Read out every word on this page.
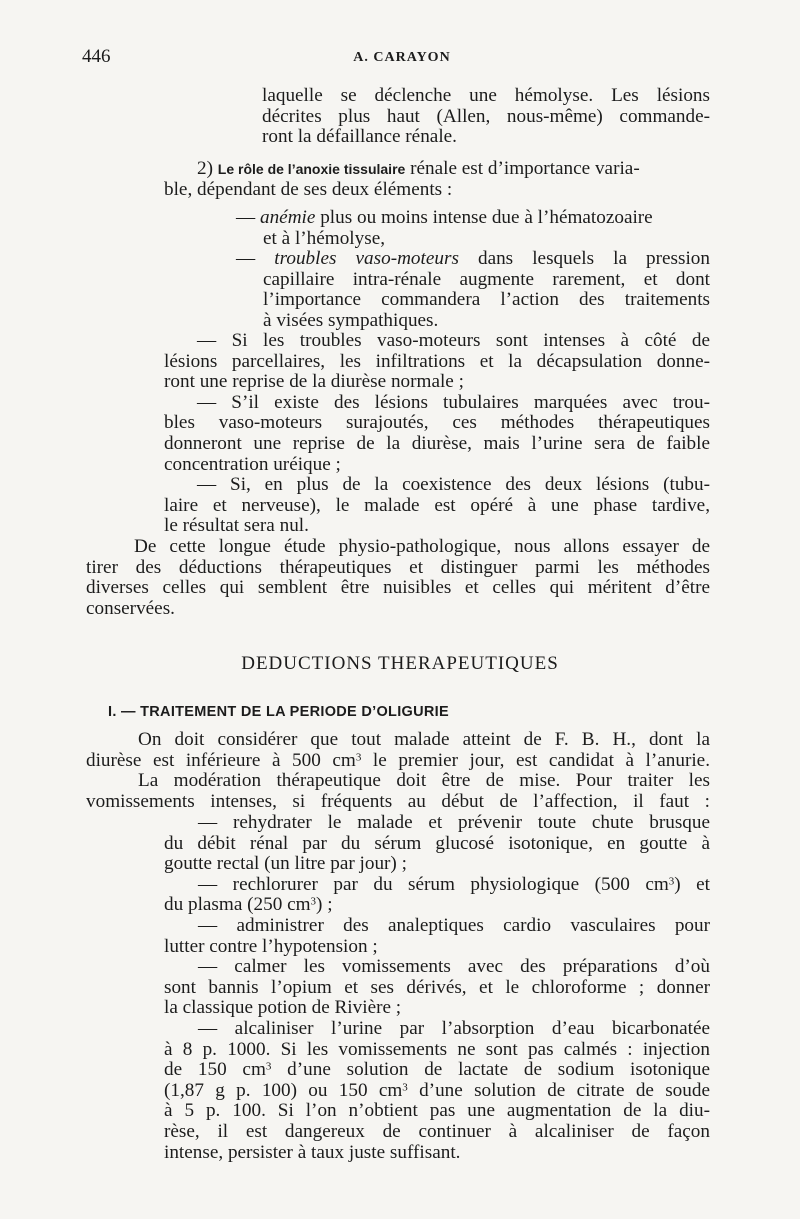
446	A. CARAYON
laquelle se déclenche une hémolyse. Les lésions
décrites plus haut (Allen, nous-même) commande-
ront la défaillance rénale.
2) Le rôle de l’anoxie tissulaire rénale est d’importance varia-
ble, dépendant de ses deux éléments :
— anémie plus ou moins intense due à l’hématozoaire
et à l’hémolyse,
— troubles vaso-moteurs dans lesquels la pression
capillaire intra-rénale augmente rarement, et dont
l’importance commandera l’action des traitements
à visées sympathiques.
— Si les troubles vaso-moteurs sont intenses à côté de
lésions parcellaires, les infiltrations et la décapsulation donne-
ront une reprise de la diurèse normale ;
— S’il existe des lésions tubulaires marquées avec trou-
bles vaso-moteurs surajoutés, ces méthodes thérapeutiques
donneront une reprise de la diurèse, mais l’urine sera de faible
concentration uréique ;
— Si, en plus de la coexistence des deux lésions (tubu-
laire et nerveuse), le malade est opéré à une phase tardive,
le résultat sera nul.
De cette longue étude physio-pathologique, nous allons essayer de
tirer des déductions thérapeutiques et distinguer parmi les méthodes
diverses celles qui semblent être nuisibles et celles qui méritent d’être
conservées.
DEDUCTIONS THERAPEUTIQUES
I. — TRAITEMENT DE LA PERIODE D’OLIGURIE
On doit considérer que tout malade atteint de F. B. H., dont la
diurèse est inférieure à 500 $cm^3$ le premier jour, est candidat à l’anurie.
La modération thérapeutique doit être de mise. Pour traiter les
vomissements intenses, si fréquents au début de l’affection, il faut :
— rehydrater le malade et prévenir toute chute brusque
du débit rénal par du sérum glucosé isotonique, en goutte à
goutte rectal (un litre par jour) ;
— rechlorurer par du sérum physiologique (500 $cm^3$) et
du plasma (250 $cm^3$) ;
— administrer des analeptiques cardio vasculaires pour
lutter contre l’hypotension ;
— calmer les vomissements avec des préparations d’où
sont bannis l’opium et ses dérivés, et le chloroforme ; donner
la classique potion de Rivière ;
— alcaliniser l’urine par l’absorption d’eau bicarbonatée
à 8 p. 1000. Si les vomissements ne sont pas calmés : injection
de 150 $cm^3$ d’une solution de lactate de sodium isotonique
(1,87 g p. 100) ou 150 $cm^3$ d’une solution de citrate de soude
à 5 p. 100. Si l’on n’obtient pas une augmentation de la diu-
rèse, il est dangereux de continuer à alcaliniser de façon
intense, persister à taux juste suffisant.
